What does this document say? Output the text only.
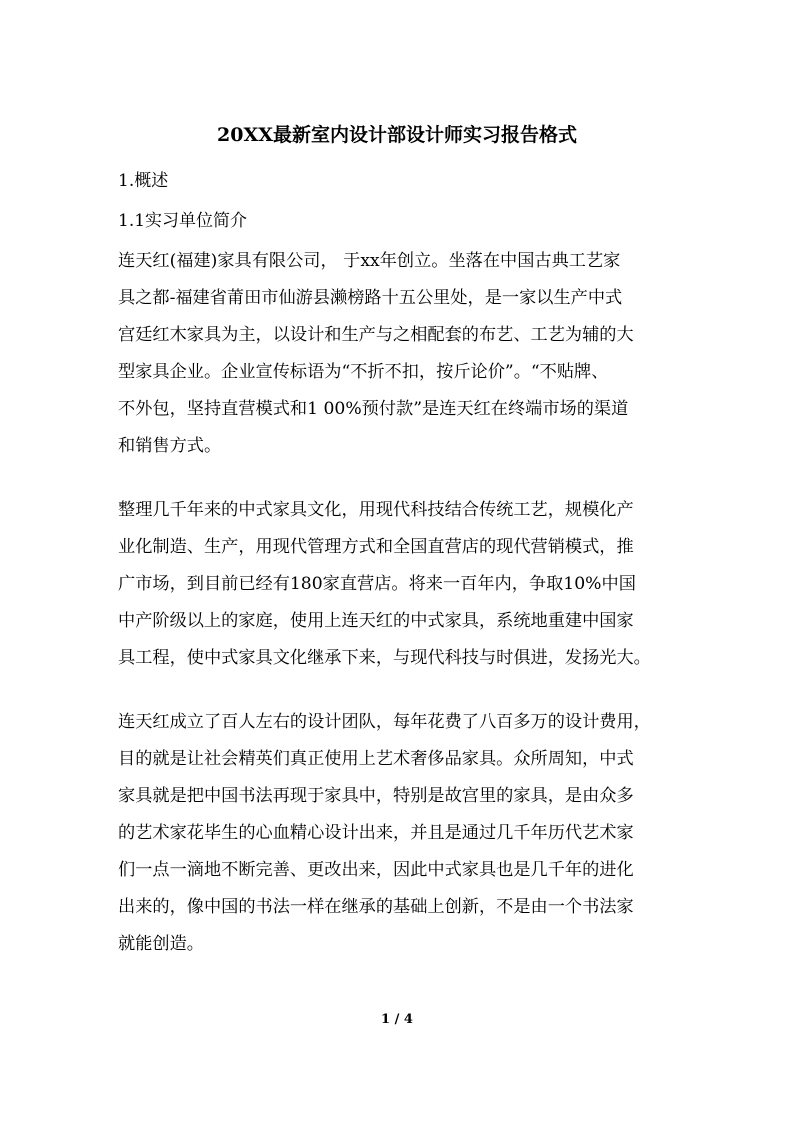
20XX最新室内设计部设计师实习报告格式
1.概述
1.1实习单位简介
连天红(福建)家具有限公司， 于xx年创立。坐落在中国古典工艺家
具之都-福建省莆田市仙游县濑榜路十五公里处，是一家以生产中式
宫廷红木家具为主，以设计和生产与之相配套的布艺、工艺为辅的大
型家具企业。企业宣传标语为“不折不扣，按斤论价”。“不贴牌、
不外包，坚持直营模式和1 00%预付款”是连天红在终端市场的渠道
和销售方式。
整理几千年来的中式家具文化，用现代科技结合传统工艺，规模化产
业化制造、生产，用现代管理方式和全国直营店的现代营销模式，推
广市场，到目前已经有180家直营店。将来一百年内，争取10%中国
中产阶级以上的家庭，使用上连天红的中式家具，系统地重建中国家
具工程，使中式家具文化继承下来，与现代科技与时俱进，发扬光大。
连天红成立了百人左右的设计团队，每年花费了八百多万的设计费用，
目的就是让社会精英们真正使用上艺术奢侈品家具。众所周知，中式
家具就是把中国书法再现于家具中，特别是故宫里的家具，是由众多
的艺术家花毕生的心血精心设计出来，并且是通过几千年历代艺术家
们一点一滴地不断完善、更改出来，因此中式家具也是几千年的进化
出来的，像中国的书法一样在继承的基础上创新，不是由一个书法家
就能创造。
1 / 4
